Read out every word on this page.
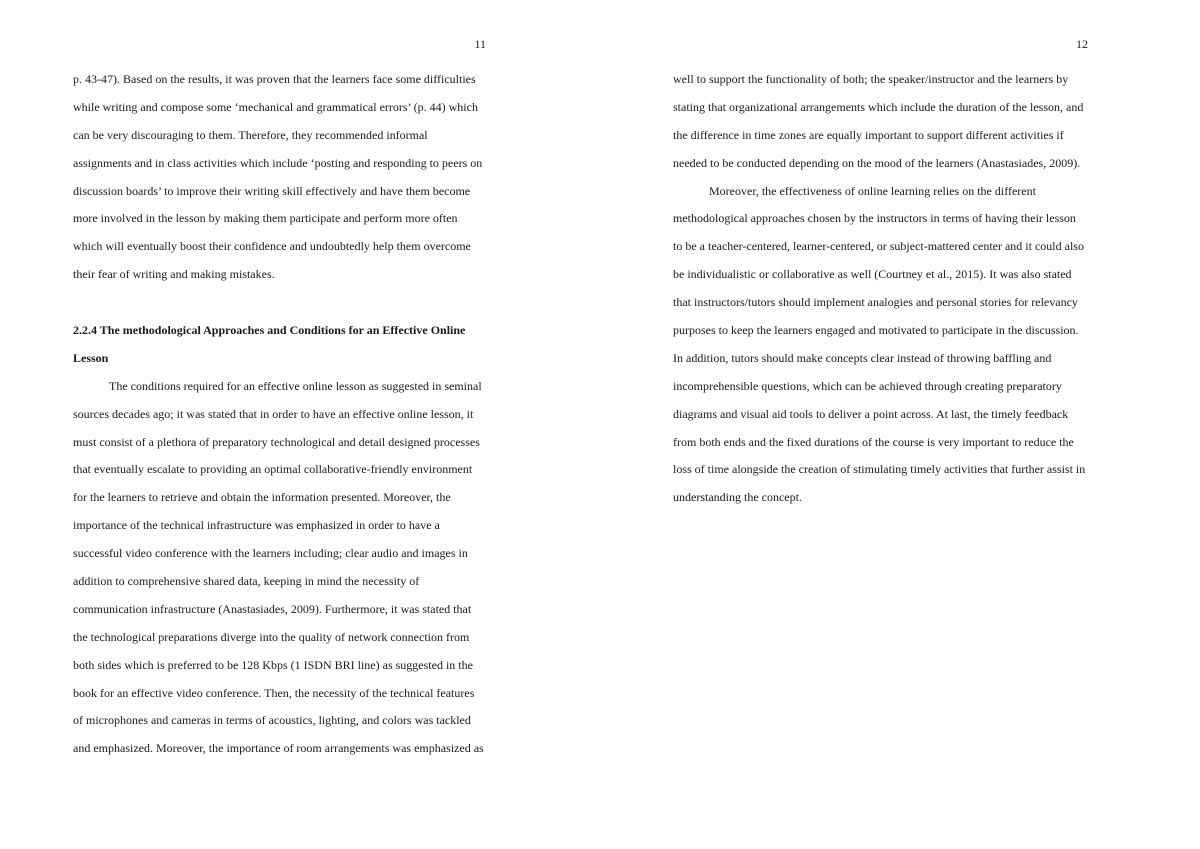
11
p. 43-47). Based on the results, it was proven that the learners face some difficulties
while writing and compose some ‘mechanical and grammatical errors’ (p. 44) which
can be very discouraging to them. Therefore, they recommended informal
assignments and in class activities which include ‘posting and responding to peers on
discussion boards’ to improve their writing skill effectively and have them become
more involved in the lesson by making them participate and perform more often
which will eventually boost their confidence and undoubtedly help them overcome
their fear of writing and making mistakes.
2.2.4 The methodological Approaches and Conditions for an Effective Online
Lesson
The conditions required for an effective online lesson as suggested in seminal
sources decades ago; it was stated that in order to have an effective online lesson, it
must consist of a plethora of preparatory technological and detail designed processes
that eventually escalate to providing an optimal collaborative-friendly environment
for the learners to retrieve and obtain the information presented. Moreover, the
importance of the technical infrastructure was emphasized in order to have a
successful video conference with the learners including; clear audio and images in
addition to comprehensive shared data, keeping in mind the necessity of
communication infrastructure (Anastasiades, 2009). Furthermore, it was stated that
the technological preparations diverge into the quality of network connection from
both sides which is preferred to be 128 Kbps (1 ISDN BRI line) as suggested in the
book for an effective video conference. Then, the necessity of the technical features
of microphones and cameras in terms of acoustics, lighting, and colors was tackled
and emphasized. Moreover, the importance of room arrangements was emphasized as
12
well to support the functionality of both; the speaker/instructor and the learners by
stating that organizational arrangements which include the duration of the lesson, and
the difference in time zones are equally important to support different activities if
needed to be conducted depending on the mood of the learners (Anastasiades, 2009).
Moreover, the effectiveness of online learning relies on the different
methodological approaches chosen by the instructors in terms of having their lesson
to be a teacher-centered, learner-centered, or subject-mattered center and it could also
be individualistic or collaborative as well (Courtney et al., 2015). It was also stated
that instructors/tutors should implement analogies and personal stories for relevancy
purposes to keep the learners engaged and motivated to participate in the discussion.
In addition, tutors should make concepts clear instead of throwing baffling and
incomprehensible questions, which can be achieved through creating preparatory
diagrams and visual aid tools to deliver a point across. At last, the timely feedback
from both ends and the fixed durations of the course is very important to reduce the
loss of time alongside the creation of stimulating timely activities that further assist in
understanding the concept.
